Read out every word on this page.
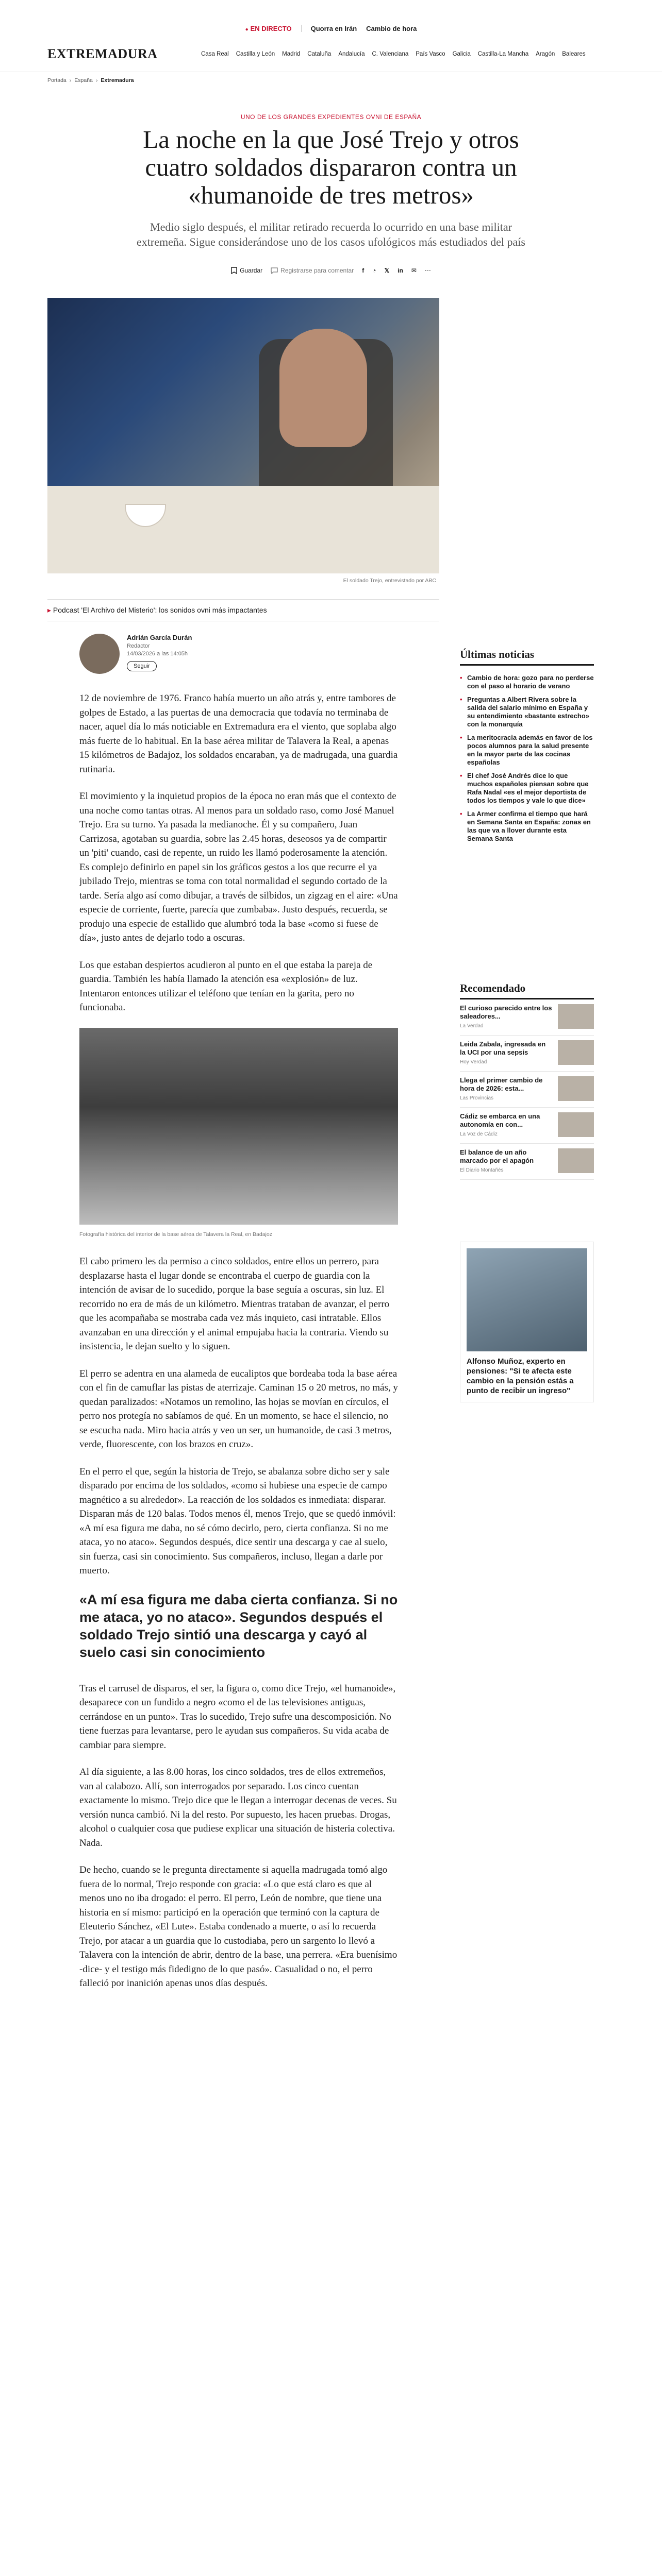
● EN DIRECTO	Quorra en Irán Cambio de hora
EXTREMADURA	Casa Real Castilla y León Madrid Cataluña Andalucía C. Valenciana País Vasco Galicia Castilla-La Mancha Aragón Baleares
Portada › España › Extremadura
UNO DE LOS GRANDES EXPEDIENTES OVNI DE ESPAÑA
La noche en la que José Trejo y otros cuatro soldados dispararon contra un «humanoide de tres metros»
Medio siglo después, el militar retirado recuerda lo ocurrido en una base militar extremeña. Sigue considerándose uno de los casos ufológicos más estudiados del país
Guardar	Registrarse para comentar f ◔ 𝕏 in ✉ ⋯
El soldado Trejo, entrevistado por ABC
▸ Podcast 'El Archivo del Misterio': los sonidos ovni más impactantes
Adrián García Durán
Redactor
14/03/2026 a las 14:05h
Seguir

12 de noviembre de 1976. Franco había muerto un año atrás y, entre tambores de golpes de Estado, a las puertas de una democracia que todavía no terminaba de nacer, aquel día lo más noticiable en Extremadura era el viento, que soplaba algo más fuerte de lo habitual. En la base aérea militar de Talavera la Real, a apenas 15 kilómetros de Badajoz, los soldados encaraban, ya de madrugada, una guardia rutinaria.

El movimiento y la inquietud propios de la época no eran más que el contexto de una noche como tantas otras. Al menos para un soldado raso, como José Manuel Trejo. Era su turno. Ya pasada la medianoche. Él y su compañero, Juan Carrizosa, agotaban su guardia, sobre las 2.45 horas, deseosos ya de compartir un 'piti' cuando, casi de repente, un ruido les llamó poderosamente la atención. Es complejo definirlo en papel sin los gráficos gestos a los que recurre el ya jubilado Trejo, mientras se toma con total normalidad el segundo cortado de la tarde. Sería algo así como dibujar, a través de silbidos, un zigzag en el aire: «Una especie de corriente, fuerte, parecía que zumbaba». Justo después, recuerda, se produjo una especie de estallido que alumbró toda la base «como si fuese de día», justo antes de dejarlo todo a oscuras.

Los que estaban despiertos acudieron al punto en el que estaba la pareja de guardia. También les había llamado la atención esa «explosión» de luz. Intentaron entonces utilizar el teléfono que tenían en la garita, pero no funcionaba.

Fotografía histórica del interior de la base aérea de Talavera la Real, en Badajoz

El cabo primero les da permiso a cinco soldados, entre ellos un perrero, para desplazarse hasta el lugar donde se encontraba el cuerpo de guardia con la intención de avisar de lo sucedido, porque la base seguía a oscuras, sin luz. El recorrido no era de más de un kilómetro. Mientras trataban de avanzar, el perro que les acompañaba se mostraba cada vez más inquieto, casi intratable. Ellos avanzaban en una dirección y el animal empujaba hacia la contraria. Viendo su insistencia, le dejan suelto y lo siguen.

El perro se adentra en una alameda de eucaliptos que bordeaba toda la base aérea con el fin de camuflar las pistas de aterrizaje. Caminan 15 o 20 metros, no más, y quedan paralizados: «Notamos un remolino, las hojas se movían en círculos, el perro nos protegía no sabíamos de qué. En un momento, se hace el silencio, no se escucha nada. Miro hacia atrás y veo un ser, un humanoide, de casi 3 metros, verde, fluorescente, con los brazos en cruz».

En el perro el que, según la historia de Trejo, se abalanza sobre dicho ser y sale disparado por encima de los soldados, «como si hubiese una especie de campo magnético a su alrededor». La reacción de los soldados es inmediata: disparar. Disparan más de 120 balas. Todos menos él, menos Trejo, que se quedó inmóvil: «A mí esa figura me daba, no sé cómo decirlo, pero, cierta confianza. Si no me ataca, yo no ataco». Segundos después, dice sentir una descarga y cae al suelo, sin fuerza, casi sin conocimiento. Sus compañeros, incluso, llegan a darle por muerto.

«A mí esa figura me daba cierta confianza. Si no me ataca, yo no ataco». Segundos después el soldado Trejo sintió una descarga y cayó al suelo casi sin conocimiento

Tras el carrusel de disparos, el ser, la figura o, como dice Trejo, «el humanoide», desaparece con un fundido a negro «como el de las televisiones antiguas, cerrándose en un punto». Tras lo sucedido, Trejo sufre una descomposición. No tiene fuerzas para levantarse, pero le ayudan sus compañeros. Su vida acaba de cambiar para siempre.

Al día siguiente, a las 8.00 horas, los cinco soldados, tres de ellos extremeños, van al calabozo. Allí, son interrogados por separado. Los cinco cuentan exactamente lo mismo. Trejo dice que le llegan a interrogar decenas de veces. Su versión nunca cambió. Ni la del resto. Por supuesto, les hacen pruebas. Drogas, alcohol o cualquier cosa que pudiese explicar una situación de histeria colectiva. Nada.

De hecho, cuando se le pregunta directamente si aquella madrugada tomó algo fuera de lo normal, Trejo responde con gracia: «Lo que está claro es que al menos uno no iba drogado: el perro. El perro, León de nombre, que tiene una historia en sí mismo: participó en la operación que terminó con la captura de Eleuterio Sánchez, «El Lute». Estaba condenado a muerte, o así lo recuerda Trejo, por atacar a un guardia que lo custodiaba, pero un sargento lo llevó a Talavera con la intención de abrir, dentro de la base, una perrera. «Era buenísimo -dice- y el testigo más fidedigno de lo que pasó». Casualidad o no, el perro falleció por inanición apenas unos días después.

Últimas noticias
• Cambio de hora: gozo para no perderse con el paso al horario de verano
• Preguntas a Albert Rivera sobre la salida del salario mínimo en España y su entendimiento «bastante estrecho» con la monarquía
• La meritocracia además en favor de los pocos alumnos para la salud presente en la mayor parte de las cocinas españolas
• El chef José Andrés dice lo que muchos españoles piensan sobre que Rafa Nadal «es el mejor deportista de todos los tiempos y vale lo que dice»
• La Armer confirma el tiempo que hará en Semana Santa en España: zonas en las que va a llover durante esta Semana Santa
Recomendado
El curioso parecido entre los saleadores...
La Verdad
Leida Zabala, ingresada en la UCI por una sepsis
Hoy Verdad
Llega el primer cambio de hora de 2026: esta...
Las Provincias
Cádiz se embarca en una autonomía en con...
La Voz de Cádiz
El balance de un año marcado por el apagón
El Diario Montañés
Alfonso Muñoz, experto en pensiones: "Si te afecta este cambio en la pensión estás a punto de recibir un ingreso"
